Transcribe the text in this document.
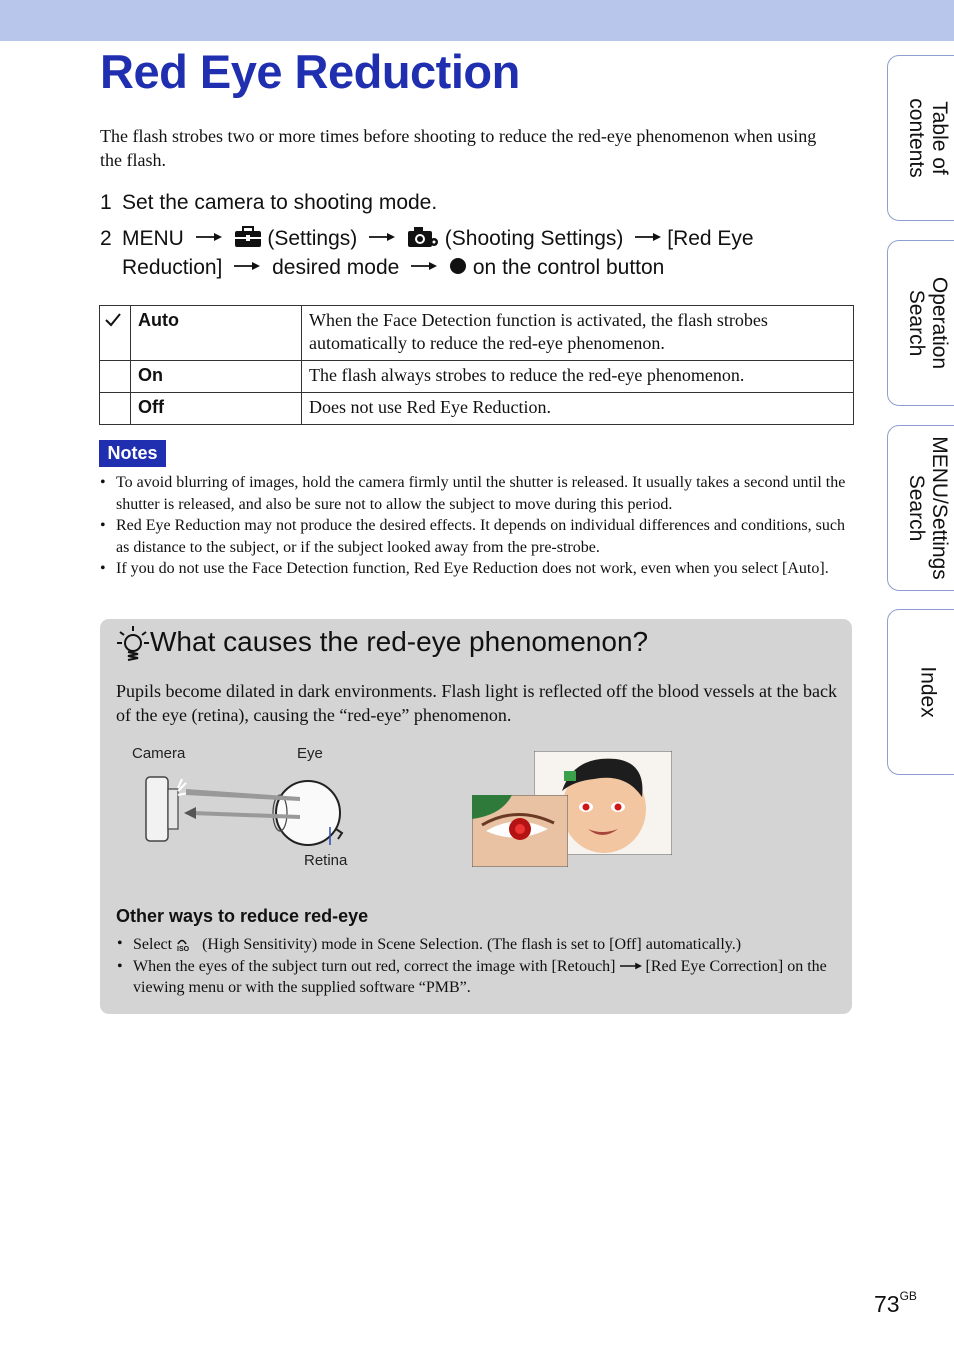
Red Eye Reduction

The flash strobes two or more times before shooting to reduce the red-eye phenomenon when using the flash.

1 Set the camera to shooting mode.

2 MENU	(Settings)	(Shooting Settings) [Red Eye
Reduction] desired mode	on the control button
	Auto	When the Face Detection function is activated, the flash strobes automatically to reduce the red-eye phenomenon.
	On	The flash always strobes to reduce the red-eye phenomenon.
	Off	Does not use Red Eye Reduction.
Notes
• To avoid blurring of images, hold the camera firmly until the shutter is released. It usually takes a second until the shutter is released, and also be sure not to allow the subject to move during this period.
• Red Eye Reduction may not produce the desired effects. It depends on individual differences and conditions, such as distance to the subject, or if the subject looked away from the pre-strobe.
• If you do not use the Face Detection function, Red Eye Reduction does not work, even when you select [Auto].

What causes the red-eye phenomenon?

Pupils become dilated in dark environments. Flash light is reflected off the blood vessels at the back of the eye (retina), causing the “red-eye” phenomenon.

Camera	Eye
Retina

Other ways to reduce red-eye

• Select ISO (High Sensitivity) mode in Scene Selection. (The flash is set to [Off] automatically.)
• When the eyes of the subject turn out red, correct the image with [Retouch] [Red Eye Correction] on the viewing menu or with the supplied software “PMB”.
Table of
contents
Operation
Search
MENU/Settings
Search
Index
$73^{GB}$
